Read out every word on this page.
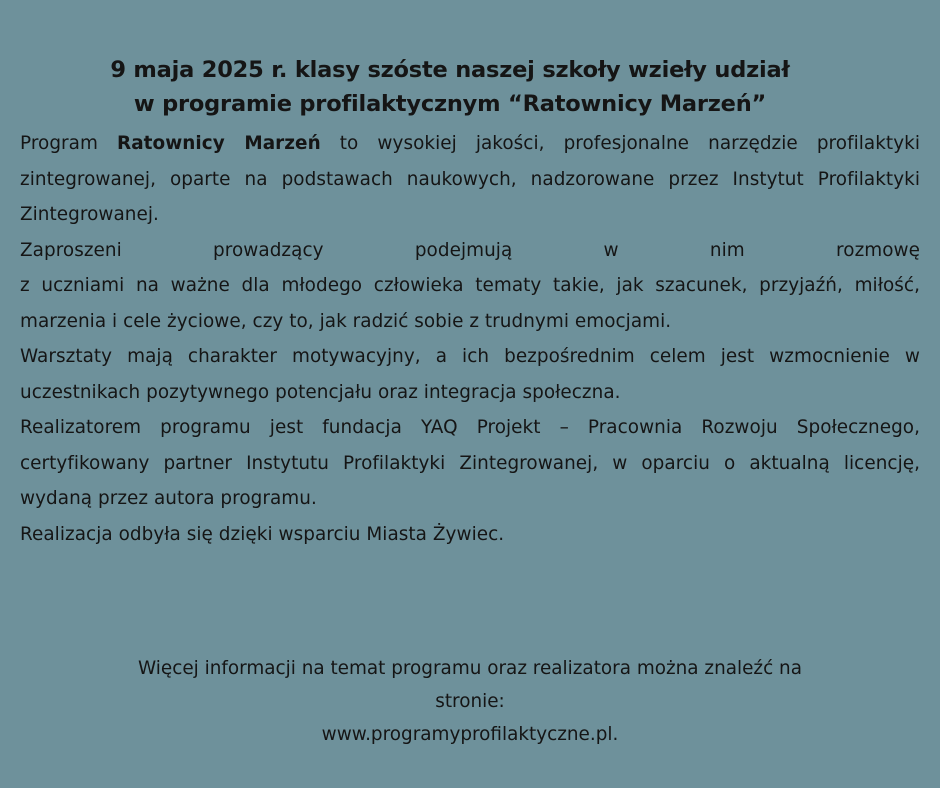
9 maja 2025 r. klasy szóste naszej szkoły wzieły udział
w programie profilaktycznym “Ratownicy Marzeń”

Program Ratownicy Marzeń to wysokiej jakości, profesjonalne narzędzie profilaktyki zintegrowanej, oparte na podstawach naukowych, nadzorowane przez Instytut Profilaktyki Zintegrowanej.

Zaproszeni prowadzący podejmują w nim rozmowę
z uczniami na ważne dla młodego człowieka tematy takie, jak szacunek, przyjaźń, miłość, marzenia i cele życiowe, czy to, jak radzić sobie z trudnymi emocjami.

Warsztaty mają charakter motywacyjny, a ich bezpośrednim celem jest wzmocnienie w uczestnikach pozytywnego potencjału oraz integracja społeczna.

Realizatorem programu jest fundacja YAQ Projekt – Pracownia Rozwoju Społecznego, certyfikowany partner Instytutu Profilaktyki Zintegrowanej, w oparciu o aktualną licencję, wydaną przez autora programu.

Realizacja odbyła się dzięki wsparciu Miasta Żywiec.

Więcej informacji na temat programu oraz realizatora można znaleźć na
stronie:
www.programyprofilaktyczne.pl.
